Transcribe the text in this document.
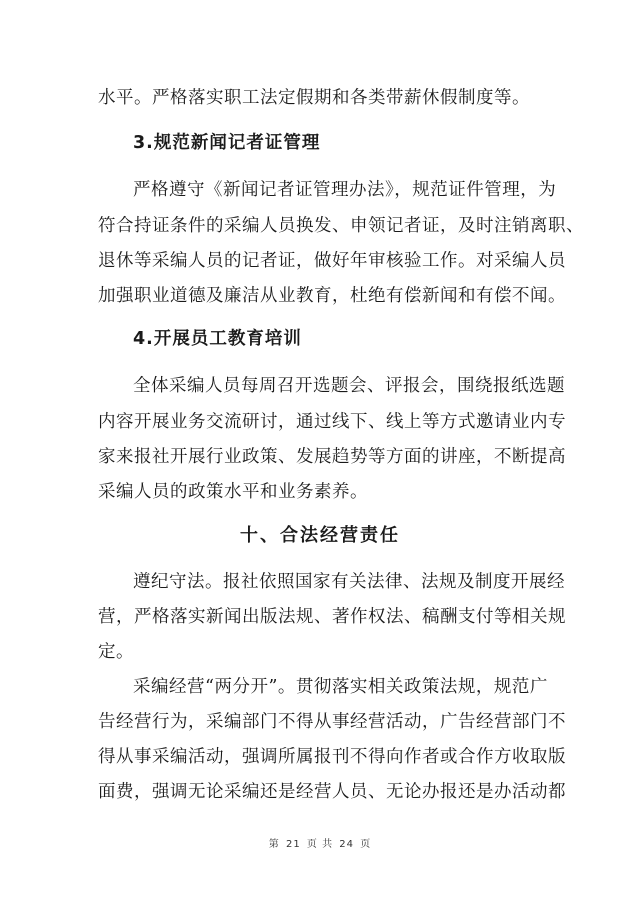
水平。严格落实职工法定假期和各类带薪休假制度等。
3.规范新闻记者证管理
严格遵守《新闻记者证管理办法》，规范证件管理，为
符合持证条件的采编人员换发、申领记者证，及时注销离职、
退休等采编人员的记者证，做好年审核验工作。对采编人员
加强职业道德及廉洁从业教育，杜绝有偿新闻和有偿不闻。
4.开展员工教育培训
全体采编人员每周召开选题会、评报会，围绕报纸选题
内容开展业务交流研讨，通过线下、线上等方式邀请业内专
家来报社开展行业政策、发展趋势等方面的讲座，不断提高
采编人员的政策水平和业务素养。
十、合法经营责任
遵纪守法。报社依照国家有关法律、法规及制度开展经
营，严格落实新闻出版法规、著作权法、稿酬支付等相关规
定。
采编经营“两分开”。贯彻落实相关政策法规，规范广
告经营行为，采编部门不得从事经营活动，广告经营部门不
得从事采编活动，强调所属报刊不得向作者或合作方收取版
面费，强调无论采编还是经营人员、无论办报还是办活动都
第 21 页 共 24 页
